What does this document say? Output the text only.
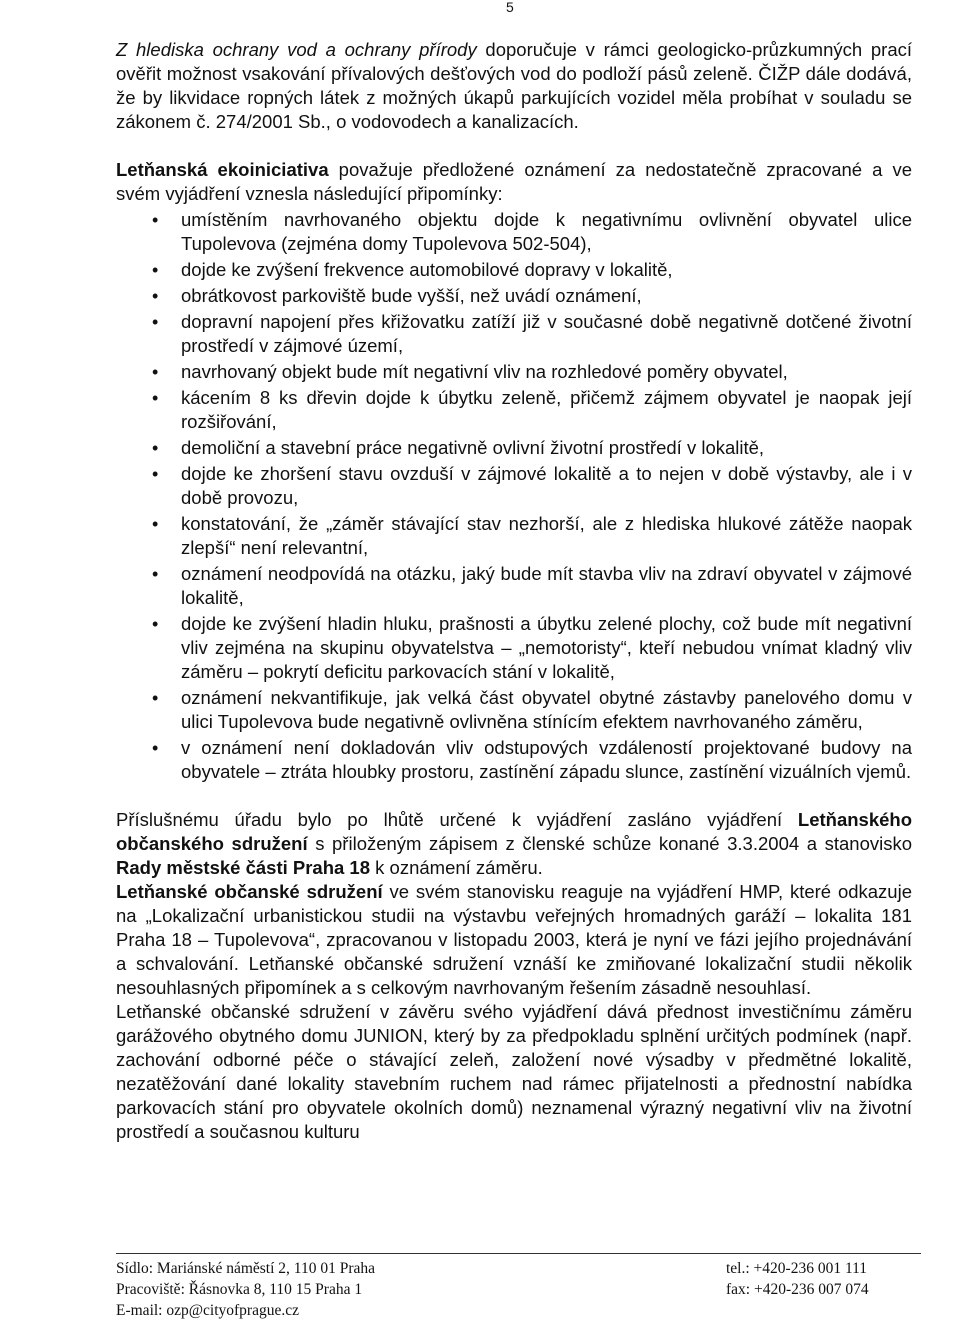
5

Z hlediska ochrany vod a ochrany přírody doporučuje v rámci geologicko-průzkumných prací ověřit možnost vsakování přívalových dešťových vod do podloží pásů zeleně. ČIŽP dále dodává, že by likvidace ropných látek z možných úkapů parkujících vozidel měla probíhat v souladu se zákonem č. 274/2001 Sb., o vodovodech a kanalizacích.

Letňanská ekoiniciativa považuje předložené oznámení za nedostatečně zpracované a ve svém vyjádření vznesla následující připomínky:

• umístěním navrhovaného objektu dojde k negativnímu ovlivnění obyvatel ulice Tupolevova (zejména domy Tupolevova 502-504),
• dojde ke zvýšení frekvence automobilové dopravy v lokalitě,
• obrátkovost parkoviště bude vyšší, než uvádí oznámení,
• dopravní napojení přes křižovatku zatíží již v současné době negativně dotčené životní prostředí v zájmové území,
• navrhovaný objekt bude mít negativní vliv na rozhledové poměry obyvatel,
• kácením 8 ks dřevin dojde k úbytku zeleně, přičemž zájmem obyvatel je naopak její rozšiřování,
• demoliční a stavební práce negativně ovlivní životní prostředí v lokalitě,
• dojde ke zhoršení stavu ovzduší v zájmové lokalitě a to nejen v době výstavby, ale i v době provozu,
• konstatování, že „záměr stávající stav nezhorší, ale z hlediska hlukové zátěže naopak zlepší“ není relevantní,
• oznámení neodpovídá na otázku, jaký bude mít stavba vliv na zdraví obyvatel v zájmové lokalitě,
• dojde ke zvýšení hladin hluku, prašnosti a úbytku zelené plochy, což bude mít negativní vliv zejména na skupinu obyvatelstva – „nemotoristy“, kteří nebudou vnímat kladný vliv záměru – pokrytí deficitu parkovacích stání v lokalitě,
• oznámení nekvantifikuje, jak velká část obyvatel obytné zástavby panelového domu v ulici Tupolevova bude negativně ovlivněna stínícím efektem navrhovaného záměru,
• v oznámení není dokladován vliv odstupových vzdáleností projektované budovy na obyvatele – ztráta hloubky prostoru, zastínění západu slunce, zastínění vizuálních vjemů.

Příslušnému úřadu bylo po lhůtě určené k vyjádření zasláno vyjádření Letňanského občanského sdružení s přiloženým zápisem z členské schůze konané 3.3.2004 a stanovisko Rady městské části Praha 18 k oznámení záměru.

Letňanské občanské sdružení ve svém stanovisku reaguje na vyjádření HMP, které odkazuje na „Lokalizační urbanistickou studii na výstavbu veřejných hromadných garáží – lokalita 181 Praha 18 – Tupolevova“, zpracovanou v listopadu 2003, která je nyní ve fázi jejího projednávání a schvalování. Letňanské občanské sdružení vznáší ke zmiňované lokalizační studii několik nesouhlasných připomínek a s celkovým navrhovaným řešením zásadně nesouhlasí.

Letňanské občanské sdružení v závěru svého vyjádření dává přednost investičnímu záměru garážového obytného domu JUNION, který by za předpokladu splnění určitých podmínek (např. zachování odborné péče o stávající zeleň, založení nové výsadby v předmětné lokalitě, nezatěžování dané lokality stavebním ruchem nad rámec přijatelnosti a přednostní nabídka parkovacích stání pro obyvatele okolních domů) neznamenal výrazný negativní vliv na životní prostředí a současnou kulturu

Sídlo: Mariánské náměstí 2, 110 01 Praha	tel.: +420-236 001 111
Pracoviště: Řásnovka 8, 110 15 Praha 1	fax: +420-236 007 074
E-mail: ozp@cityofprague.cz
